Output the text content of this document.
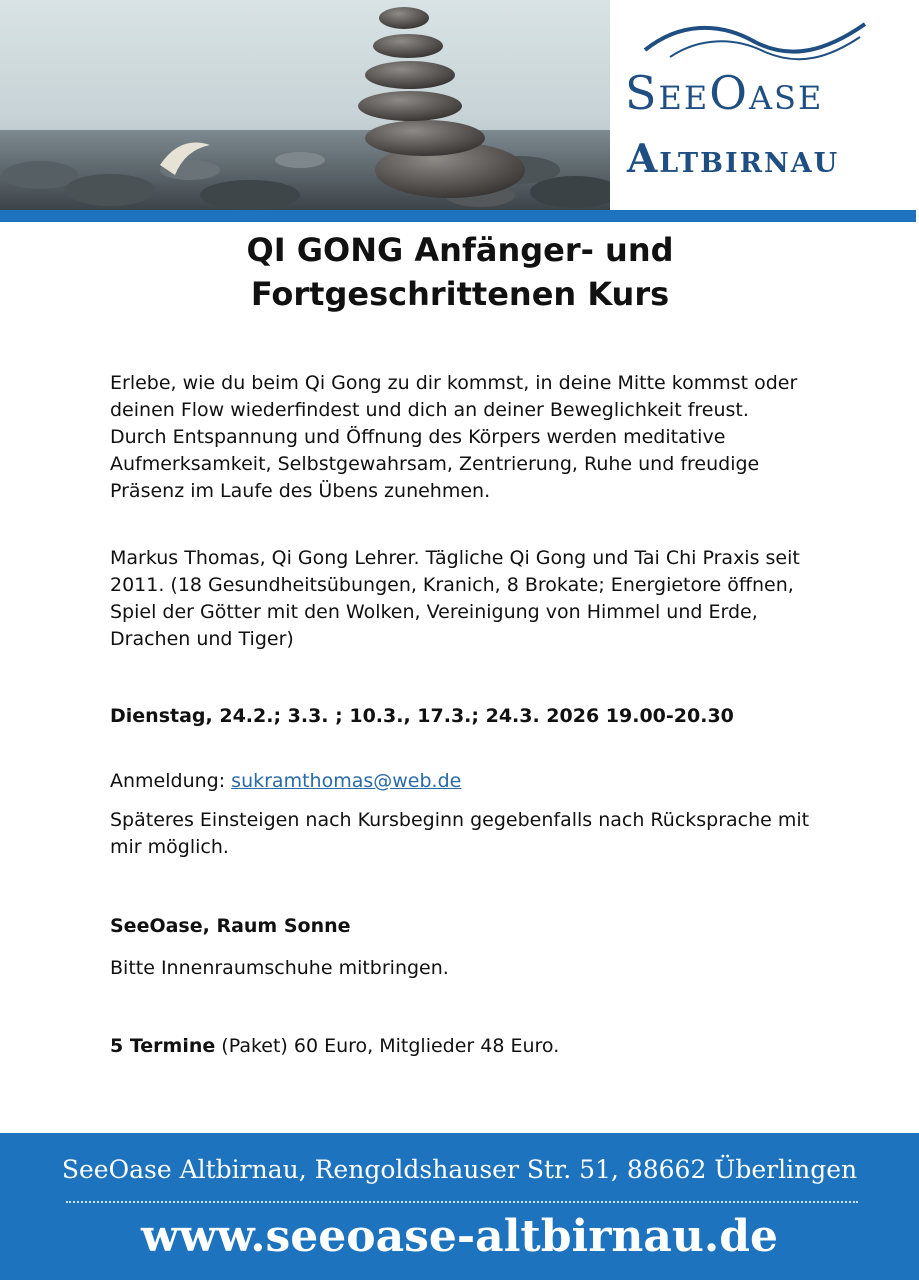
SeeOase
Altbirnau
QI GONG Anfänger- und
Fortgeschrittenen Kurs

Erlebe, wie du beim Qi Gong zu dir kommst, in deine Mitte kommst oder deinen Flow wiederfindest und dich an deiner Beweglichkeit freust. Durch Entspannung und Öffnung des Körpers werden meditative Aufmerksamkeit, Selbstgewahrsam, Zentrierung, Ruhe und freudige Präsenz im Laufe des Übens zunehmen.

Markus Thomas, Qi Gong Lehrer. Tägliche Qi Gong und Tai Chi Praxis seit 2011. (18 Gesundheitsübungen, Kranich, 8 Brokate; Energietore öffnen, Spiel der Götter mit den Wolken, Vereinigung von Himmel und Erde, Drachen und Tiger)

Dienstag, 24.2.; 3.3. ; 10.3., 17.3.; 24.3. 2026 19.00-20.30

Anmeldung: sukramthomas@web.de

Späteres Einsteigen nach Kursbeginn gegebenfalls nach Rücksprache mit mir möglich.

SeeOase, Raum Sonne

Bitte Innenraumschuhe mitbringen.

5 Termine (Paket) 60 Euro, Mitglieder 48 Euro.

SeeOase Altbirnau, Rengoldshauser Str. 51, 88662 Überlingen
www.seeoase-altbirnau.de
